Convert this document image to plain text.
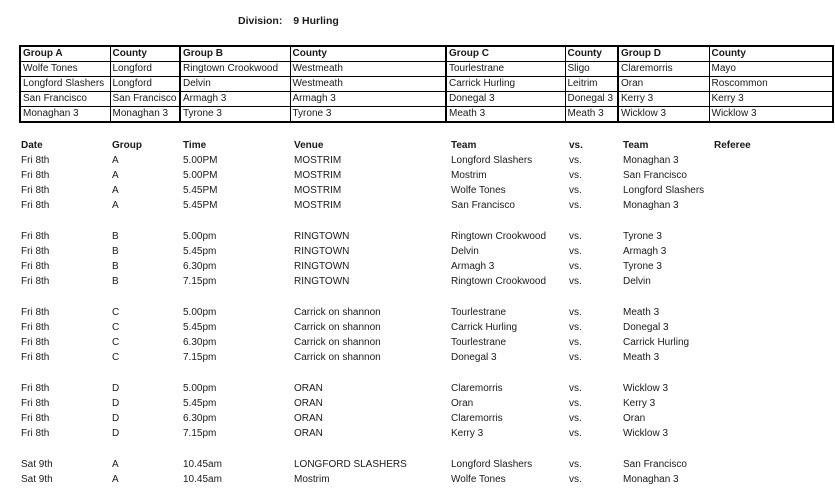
Division: 9 Hurling
Group A	County	Group B	County	Group C	County	Group D	County
Wolfe Tones	Longford	Ringtown Crookwood	Westmeath	Tourlestrane	Sligo	Claremorris	Mayo
Longford Slashers	Longford	Delvin	Westmeath	Carrick Hurling	Leitrim	Oran	Roscommon
San Francisco	San Francisco	Armagh 3	Armagh 3	Donegal 3	Donegal 3	Kerry 3	Kerry 3
Monaghan 3	Monaghan 3	Tyrone 3	Tyrone 3	Meath 3	Meath 3	Wicklow 3	Wicklow 3
Date	Group	Time	Venue	Team	vs.	Team	Referee
Fri 8th	A	5.00PM	MOSTRIM	Longford Slashers	vs.	Monaghan 3
Fri 8th	A	5.00PM	MOSTRIM	Mostrim	vs.	San Francisco
Fri 8th	A	5.45PM	MOSTRIM	Wolfe Tones	vs.	Longford Slashers
Fri 8th	A	5.45PM	MOSTRIM	San Francisco	vs.	Monaghan 3
Fri 8th	B	5.00pm	RINGTOWN	Ringtown Crookwood vs.	Tyrone 3
Fri 8th	B	5.45pm	RINGTOWN	Delvin	vs.	Armagh 3
Fri 8th	B	6.30pm	RINGTOWN	Armagh 3	vs.	Tyrone 3
Fri 8th	B	7.15pm	RINGTOWN	Ringtown Crookwood vs.	Delvin
Fri 8th	C	5.00pm	Carrick on shannon	Tourlestrane	vs.	Meath 3
Fri 8th	C	5.45pm	Carrick on shannon	Carrick Hurling	vs.	Donegal 3
Fri 8th	C	6.30pm	Carrick on shannon	Tourlestrane	vs.	Carrick Hurling
Fri 8th	C	7.15pm	Carrick on shannon	Donegal 3	vs.	Meath 3
Fri 8th	D	5.00pm	ORAN	Claremorris	vs.	Wicklow 3
Fri 8th	D	5.45pm	ORAN	Oran	vs.	Kerry 3
Fri 8th	D	6.30pm	ORAN	Claremorris	vs.	Oran
Fri 8th	D	7.15pm	ORAN	Kerry 3	vs.	Wicklow 3
Sat 9th	A	10.45am	LONGFORD SLASHERS	Longford Slashers	vs.	San Francisco
Sat 9th	A	10.45am	Mostrim	Wolfe Tones	vs.	Monaghan 3
